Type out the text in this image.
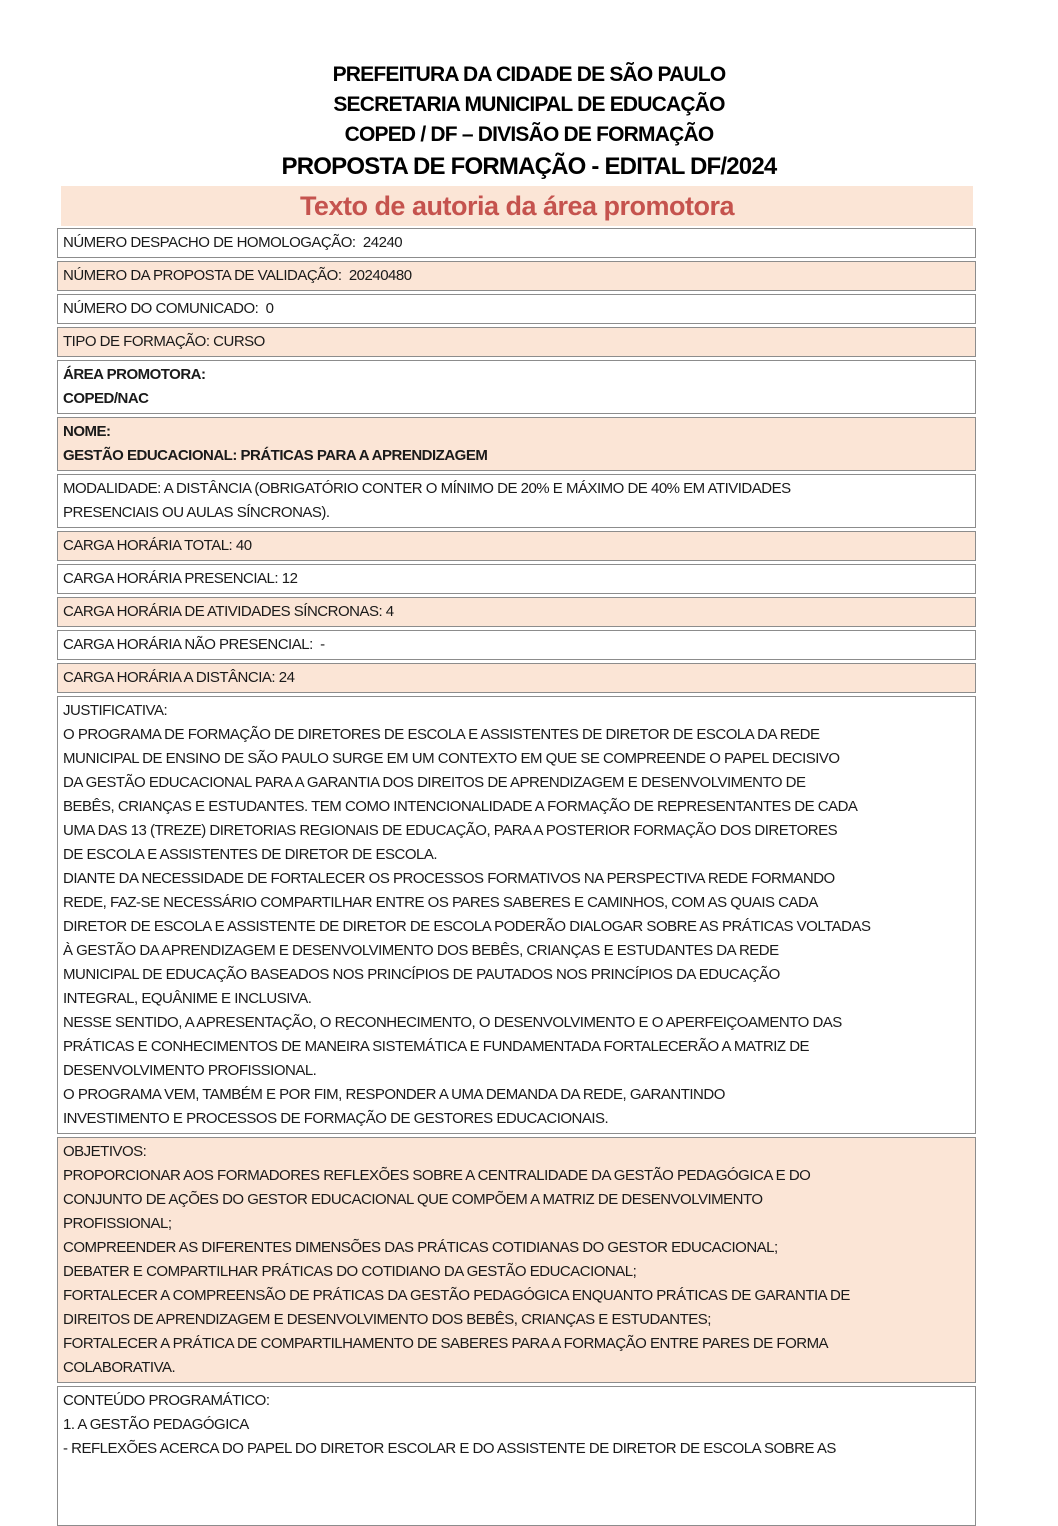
PREFEITURA DA CIDADE DE SÃO PAULO
SECRETARIA MUNICIPAL DE EDUCAÇÃO
COPED / DF – DIVISÃO DE FORMAÇÃO
PROPOSTA DE FORMAÇÃO - EDITAL DF/2024
Texto de autoria da área promotora
NÚMERO DESPACHO DE HOMOLOGAÇÃO:  24240
NÚMERO DA PROPOSTA DE VALIDAÇÃO:  20240480
NÚMERO DO COMUNICADO:  0
TIPO DE FORMAÇÃO: CURSO
ÁREA PROMOTORA:
COPED/NAC
NOME:
GESTÃO EDUCACIONAL: PRÁTICAS PARA A APRENDIZAGEM
MODALIDADE: A DISTÂNCIA (OBRIGATÓRIO CONTER O MÍNIMO DE 20% E MÁXIMO DE 40% EM ATIVIDADES
PRESENCIAIS OU AULAS SÍNCRONAS).
CARGA HORÁRIA TOTAL: 40
CARGA HORÁRIA PRESENCIAL: 12
CARGA HORÁRIA DE ATIVIDADES SÍNCRONAS: 4
CARGA HORÁRIA NÃO PRESENCIAL:  -
CARGA HORÁRIA A DISTÂNCIA: 24
JUSTIFICATIVA:
O PROGRAMA DE FORMAÇÃO DE DIRETORES DE ESCOLA E ASSISTENTES DE DIRETOR DE ESCOLA DA REDE
MUNICIPAL DE ENSINO DE SÃO PAULO SURGE EM UM CONTEXTO EM QUE SE COMPREENDE O PAPEL DECISIVO
DA GESTÃO EDUCACIONAL PARA A GARANTIA DOS DIREITOS DE APRENDIZAGEM E DESENVOLVIMENTO DE
BEBÊS, CRIANÇAS E ESTUDANTES. TEM COMO INTENCIONALIDADE A FORMAÇÃO DE REPRESENTANTES DE CADA
UMA DAS 13 (TREZE) DIRETORIAS REGIONAIS DE EDUCAÇÃO, PARA A POSTERIOR FORMAÇÃO DOS DIRETORES
DE ESCOLA E ASSISTENTES DE DIRETOR DE ESCOLA.
DIANTE DA NECESSIDADE DE FORTALECER OS PROCESSOS FORMATIVOS NA PERSPECTIVA REDE FORMANDO
REDE, FAZ-SE NECESSÁRIO COMPARTILHAR ENTRE OS PARES SABERES E CAMINHOS, COM AS QUAIS CADA
DIRETOR DE ESCOLA E ASSISTENTE DE DIRETOR DE ESCOLA PODERÃO DIALOGAR SOBRE AS PRÁTICAS VOLTADAS
À GESTÃO DA APRENDIZAGEM E DESENVOLVIMENTO DOS BEBÊS, CRIANÇAS E ESTUDANTES DA REDE
MUNICIPAL DE EDUCAÇÃO BASEADOS NOS PRINCÍPIOS DE PAUTADOS NOS PRINCÍPIOS DA EDUCAÇÃO
INTEGRAL, EQUÂNIME E INCLUSIVA.
NESSE SENTIDO, A APRESENTAÇÃO, O RECONHECIMENTO, O DESENVOLVIMENTO E O APERFEIÇOAMENTO DAS
PRÁTICAS E CONHECIMENTOS DE MANEIRA SISTEMÁTICA E FUNDAMENTADA FORTALECERÃO A MATRIZ DE
DESENVOLVIMENTO PROFISSIONAL.
O PROGRAMA VEM, TAMBÉM E POR FIM, RESPONDER A UMA DEMANDA DA REDE, GARANTINDO
INVESTIMENTO E PROCESSOS DE FORMAÇÃO DE GESTORES EDUCACIONAIS.
OBJETIVOS:
PROPORCIONAR AOS FORMADORES REFLEXÕES SOBRE A CENTRALIDADE DA GESTÃO PEDAGÓGICA E DO
CONJUNTO DE AÇÕES DO GESTOR EDUCACIONAL QUE COMPÕEM A MATRIZ DE DESENVOLVIMENTO
PROFISSIONAL;
COMPREENDER AS DIFERENTES DIMENSÕES DAS PRÁTICAS COTIDIANAS DO GESTOR EDUCACIONAL;
DEBATER E COMPARTILHAR PRÁTICAS DO COTIDIANO DA GESTÃO EDUCACIONAL;
FORTALECER A COMPREENSÃO DE PRÁTICAS DA GESTÃO PEDAGÓGICA ENQUANTO PRÁTICAS DE GARANTIA DE
DIREITOS DE APRENDIZAGEM E DESENVOLVIMENTO DOS BEBÊS, CRIANÇAS E ESTUDANTES;
FORTALECER A PRÁTICA DE COMPARTILHAMENTO DE SABERES PARA A FORMAÇÃO ENTRE PARES DE FORMA
COLABORATIVA.
CONTEÚDO PROGRAMÁTICO:
1. A GESTÃO PEDAGÓGICA
- REFLEXÕES ACERCA DO PAPEL DO DIRETOR ESCOLAR E DO ASSISTENTE DE DIRETOR DE ESCOLA SOBRE AS
